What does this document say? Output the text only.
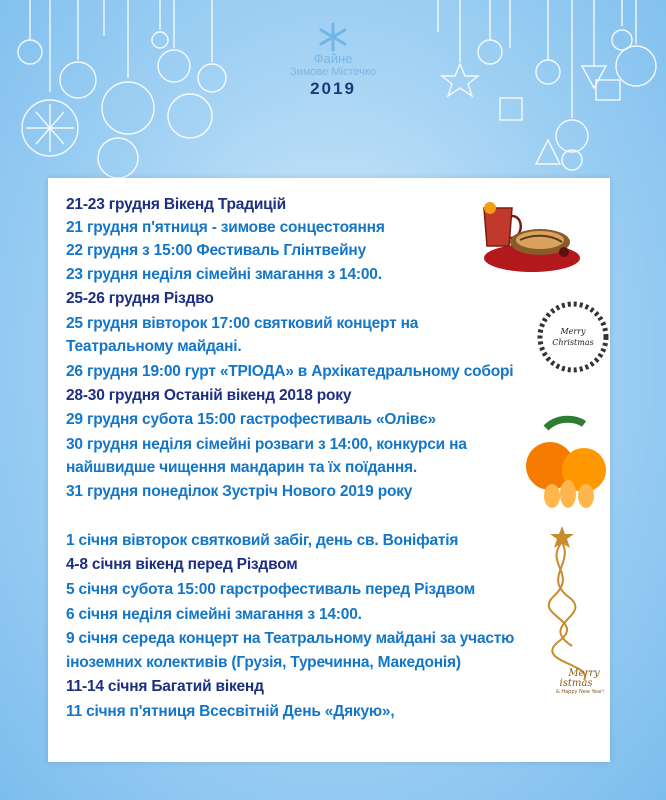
Файне
Зимове Містечко
2019
Merry
Christmas
Merry
istmas
& Happy New Year!
21-23 грудня Вікенд Традицій
21 грудня п'ятниця - зимове сонцестояння
22 грудня з 15:00 Фестиваль Глінтвейну
23 грудня неділя сімейні змагання з 14:00.
25-26 грудня Різдво
25 грудня вівторок 17:00 святковий концерт на
Театральному майдані.
26 грудня 19:00 гурт «ТРІОДА» в Архікатедральному соборі
28-30 грудня Останій вікенд 2018 року
29 грудня субота 15:00 гастрофестиваль «Олівє»
30 грудня неділя сімейні розваги з 14:00, конкурси на
найшвидше чищення мандарин та їх поїдання.
31 грудня понеділок Зустріч Нового 2019 року
1 січня вівторок святковий забіг, день св. Воніфатія
4-8 січня вікенд перед Різдвом
5 січня субота 15:00 гарстрофестиваль перед Різдвом
6 січня неділя сімейні змагання з 14:00.
9 січня середа концерт на Театральному майдані за участю
іноземних колективів (Грузія, Туречинна, Македонія)
11-14 січня Багатий вікенд
11 січня п'ятниця Всесвітній День «Дякую»,
